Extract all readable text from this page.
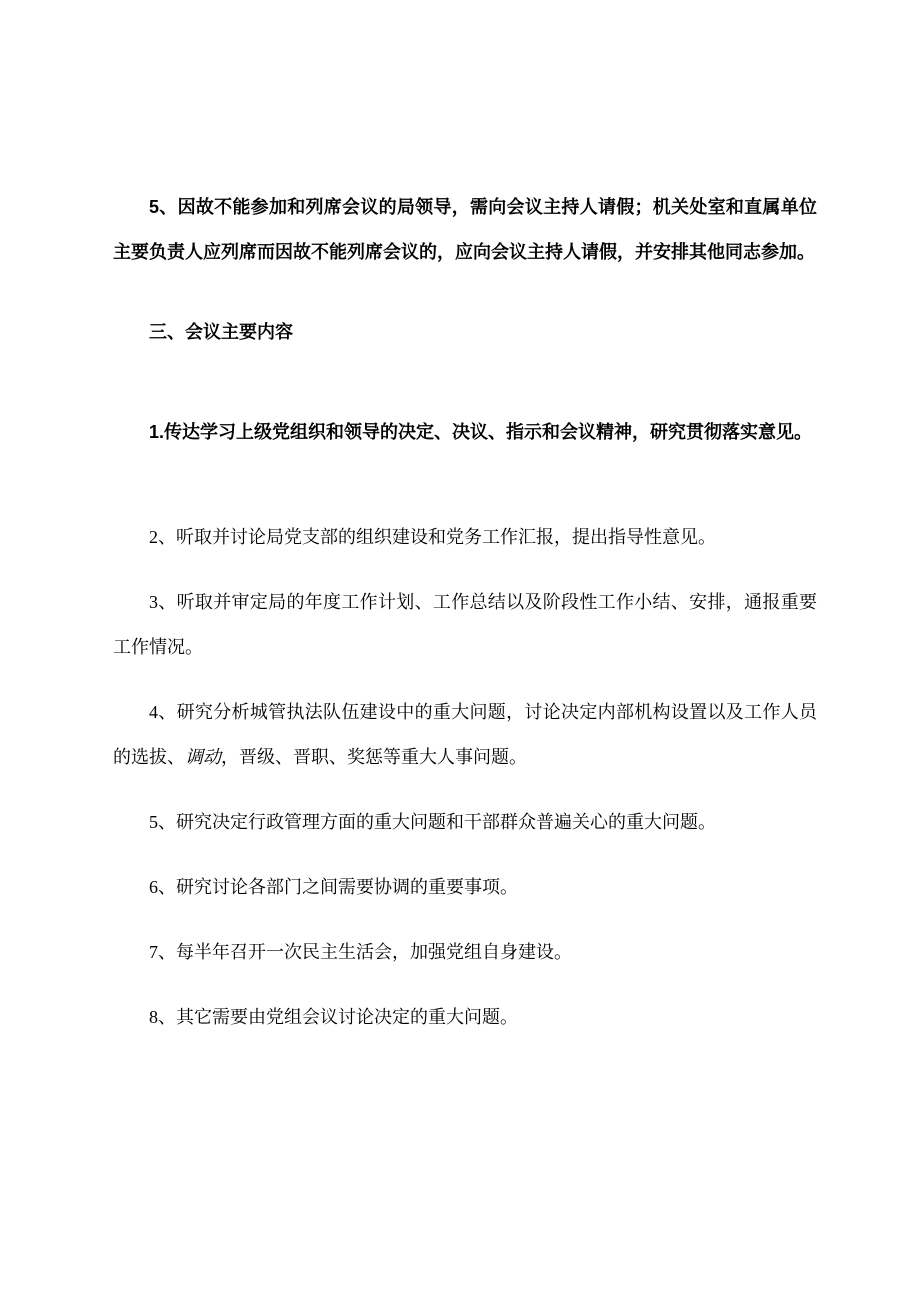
5、因故不能参加和列席会议的局领导，需向会议主持人请假；机关处室和直属单位主要负责人应列席而因故不能列席会议的，应向会议主持人请假，并安排其他同志参加。

三、会议主要内容

1.传达学习上级党组织和领导的决定、决议、指示和会议精神，研究贯彻落实意见。

2、听取并讨论局党支部的组织建设和党务工作汇报，提出指导性意见。

3、听取并审定局的年度工作计划、工作总结以及阶段性工作小结、安排，通报重要工作情况。

4、研究分析城管执法队伍建设中的重大问题，讨论决定内部机构设置以及工作人员的选拔、调动，晋级、晋职、奖惩等重大人事问题。

5、研究决定行政管理方面的重大问题和干部群众普遍关心的重大问题。

6、研究讨论各部门之间需要协调的重要事项。

7、每半年召开一次民主生活会，加强党组自身建设。

8、其它需要由党组会议讨论决定的重大问题。
